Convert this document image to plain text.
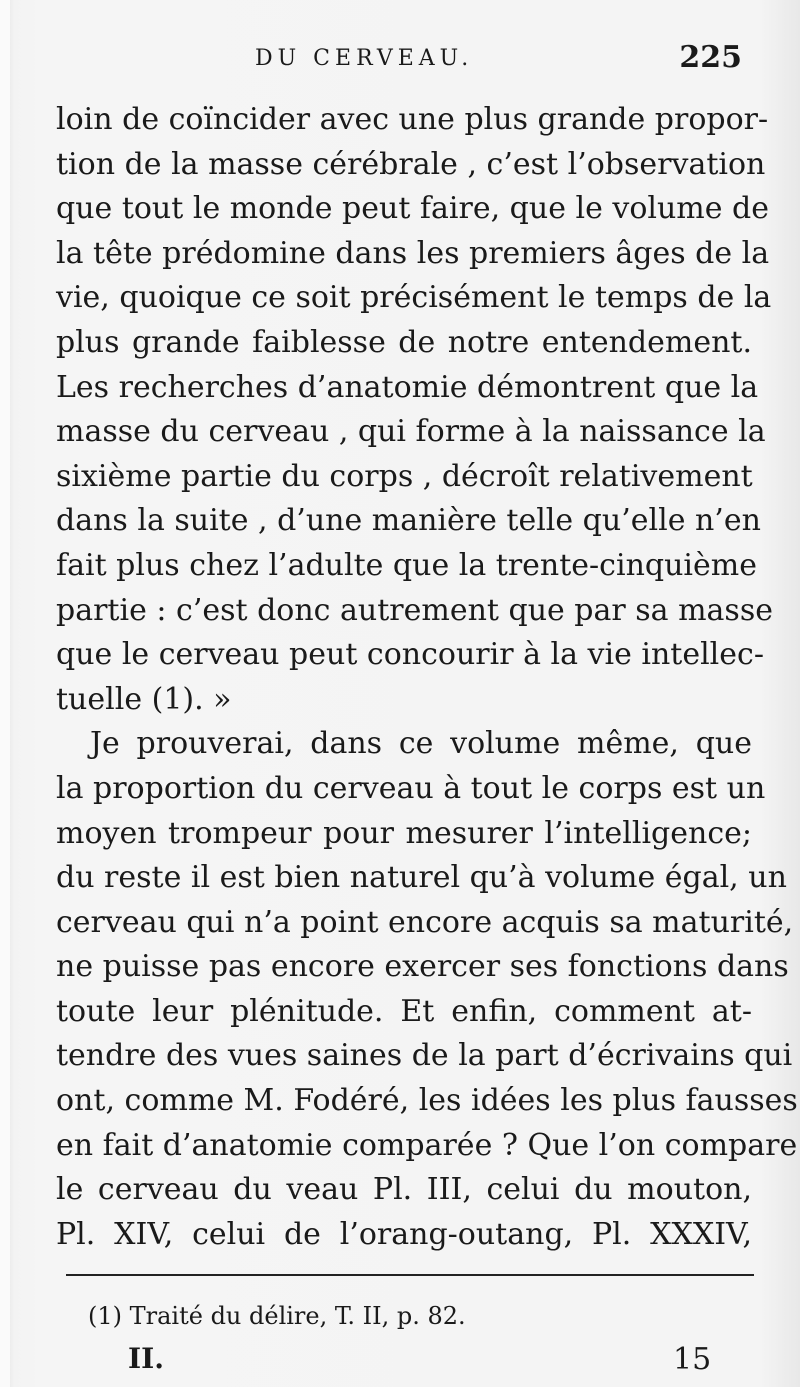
DU CERVEAU.	225
loin de coïncider avec une plus grande propor-
tion de la masse cérébrale , c’est l’observation
que tout le monde peut faire, que le volume de
la tête prédomine dans les premiers âges de la
vie, quoique ce soit précisément le temps de la
plus grande faiblesse de notre entendement.
Les recherches d’anatomie démontrent que la
masse du cerveau , qui forme à la naissance la
sixième partie du corps , décroît relativement
dans la suite , d’une manière telle qu’elle n’en
fait plus chez l’adulte que la trente-cinquième
partie : c’est donc autrement que par sa masse
que le cerveau peut concourir à la vie intellec-
tuelle (1). »
Je prouverai, dans ce volume même, que
la proportion du cerveau à tout le corps est un
moyen trompeur pour mesurer l’intelligence;
du reste il est bien naturel qu’à volume égal, un
cerveau qui n’a point encore acquis sa maturité,
ne puisse pas encore exercer ses fonctions dans
toute leur plénitude. Et enfin, comment at-
tendre des vues saines de la part d’écrivains qui
ont, comme M. Fodéré, les idées les plus fausses
en fait d’anatomie comparée ? Que l’on compare
le cerveau du veau Pl. III, celui du mouton,
Pl. XIV, celui de l’orang-outang, Pl. XXXIV,
(1) Traité du délire, T. II, p. 82.
II.	15
